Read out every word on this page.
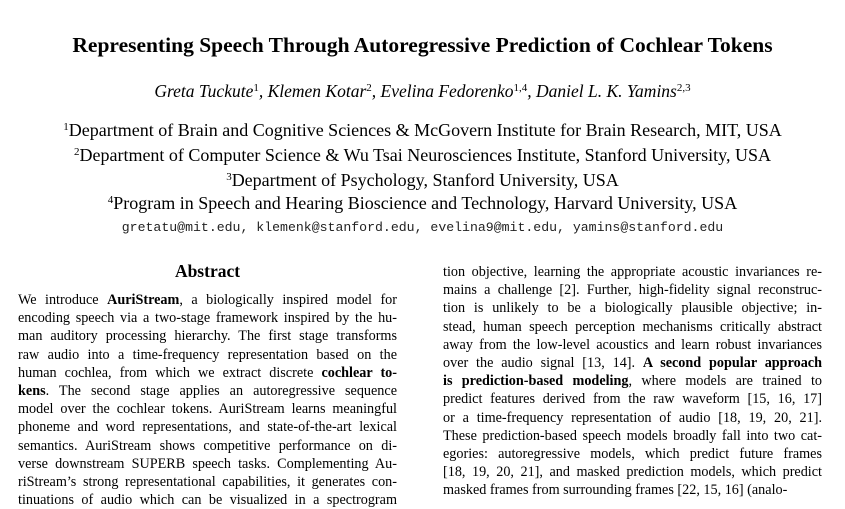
Representing Speech Through Autoregressive Prediction of Cochlear Tokens
Greta Tuckute$^1$, Klemen Kotar$^2$, Evelina Fedorenko$^{1,4}$, Daniel L. K. Yamins$^{2,3}$
$^1$Department of Brain and Cognitive Sciences & McGovern Institute for Brain Research, MIT, USA
$^2$Department of Computer Science & Wu Tsai Neurosciences Institute, Stanford University, USA
$^3$Department of Psychology, Stanford University, USA
$^4$Program in Speech and Hearing Bioscience and Technology, Harvard University, USA
gretatu@mit.edu, klemenk@stanford.edu, evelina9@mit.edu, yamins@stanford.edu
Abstract
We introduce AuriStream, a biologically inspired model for
encoding speech via a two-stage framework inspired by the hu-
man auditory processing hierarchy. The first stage transforms
raw audio into a time-frequency representation based on the
human cochlea, from which we extract discrete cochlear to-
kens. The second stage applies an autoregressive sequence
model over the cochlear tokens. AuriStream learns meaningful
phoneme and word representations, and state-of-the-art lexical
semantics. AuriStream shows competitive performance on di-
verse downstream SUPERB speech tasks. Complementing Au-
riStream’s strong representational capabilities, it generates con-
tinuations of audio which can be visualized in a spectrogram
tion objective, learning the appropriate acoustic invariances re-
mains a challenge [2]. Further, high-fidelity signal reconstruc-
tion is unlikely to be a biologically plausible objective; in-
stead, human speech perception mechanisms critically abstract
away from the low-level acoustics and learn robust invariances
over the audio signal [13, 14]. A second popular approach
is prediction-based modeling, where models are trained to
predict features derived from the raw waveform [15, 16, 17]
or a time-frequency representation of audio [18, 19, 20, 21].
These prediction-based speech models broadly fall into two cat-
egories: autoregressive models, which predict future frames
[18, 19, 20, 21], and masked prediction models, which predict
masked frames from surrounding frames [22, 15, 16] (analo-
